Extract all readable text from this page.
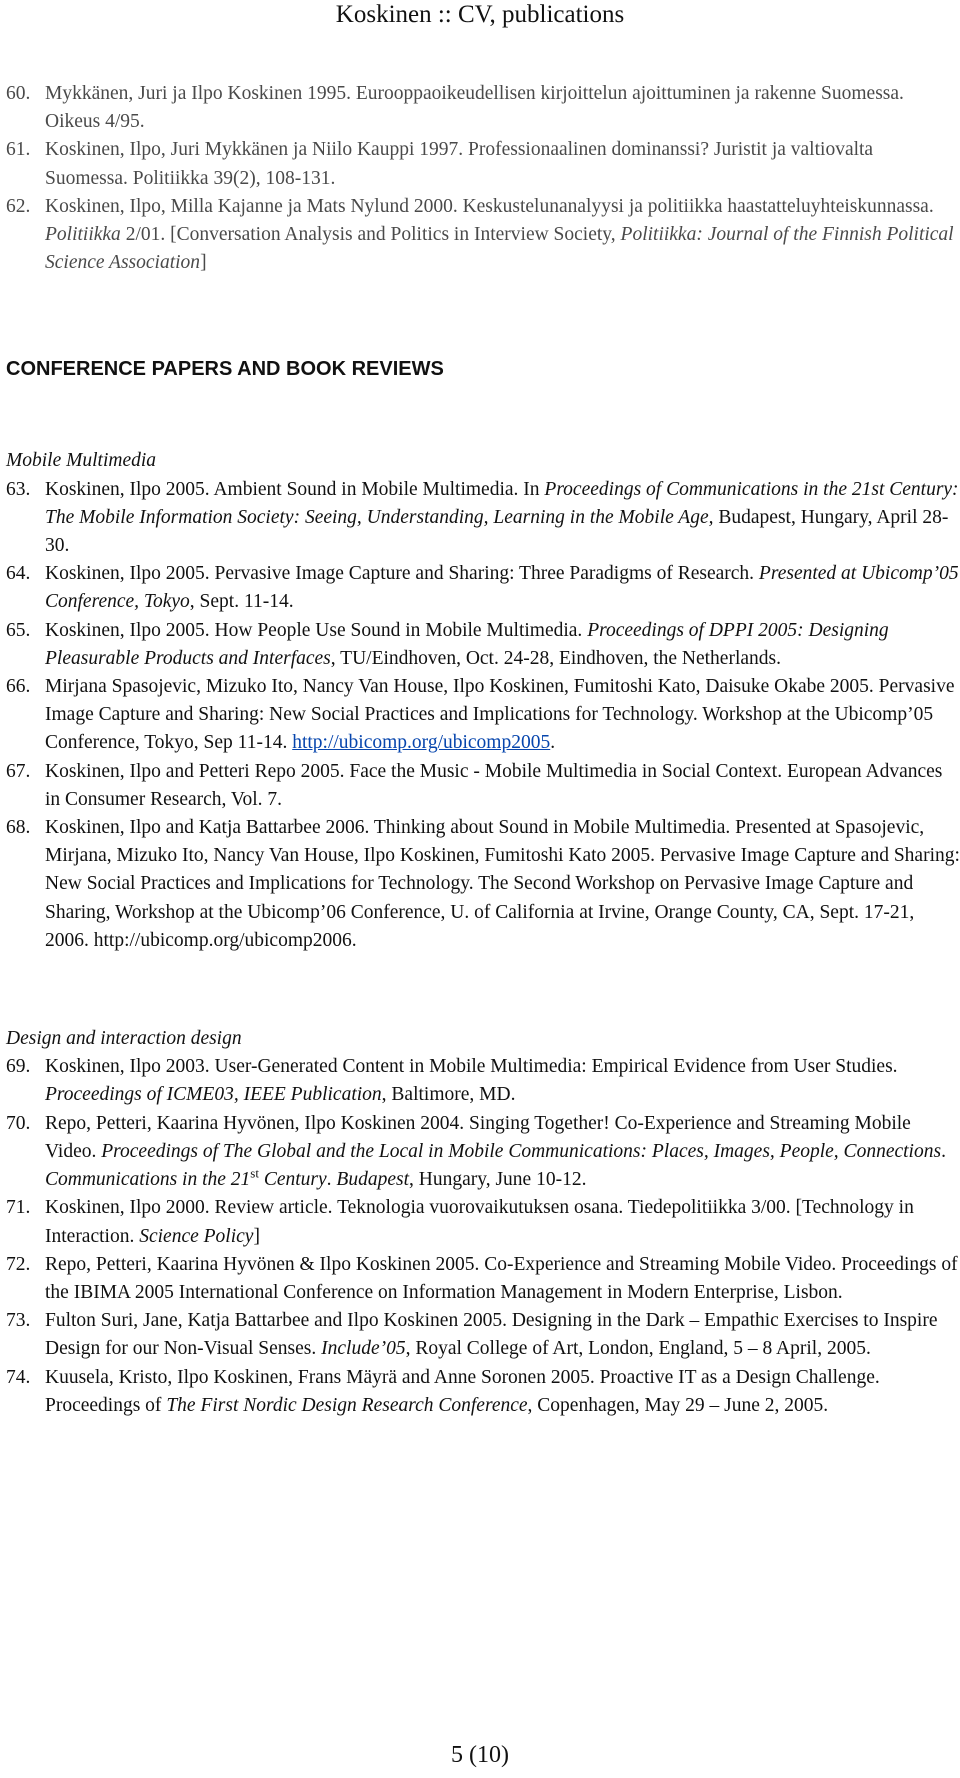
Koskinen :: CV, publications

60. Mykkänen, Juri ja Ilpo Koskinen 1995. Eurooppaoikeudellisen kirjoittelun ajoittuminen ja rakenne Suomessa. Oikeus 4/95.

61. Koskinen, Ilpo, Juri Mykkänen ja Niilo Kauppi 1997. Professionaalinen dominanssi? Juristit ja valtiovalta Suomessa. Politiikka 39(2), 108-131.

62. Koskinen, Ilpo, Milla Kajanne ja Mats Nylund 2000. Keskustelunanalyysi ja politiikka haastatteluyhteiskunnassa. Politiikka 2/01. [Conversation Analysis and Politics in Interview Society, Politiikka: Journal of the Finnish Political Science Association]

CONFERENCE PAPERS AND BOOK REVIEWS

Mobile Multimedia

63. Koskinen, Ilpo 2005. Ambient Sound in Mobile Multimedia. In Proceedings of Communications in the 21st Century: The Mobile Information Society: Seeing, Understanding, Learning in the Mobile Age, Budapest, Hungary, April 28-30.

64. Koskinen, Ilpo 2005. Pervasive Image Capture and Sharing: Three Paradigms of Research. Presented at Ubicomp’05 Conference, Tokyo, Sept. 11-14.

65. Koskinen, Ilpo 2005. How People Use Sound in Mobile Multimedia. Proceedings of DPPI 2005: Designing Pleasurable Products and Interfaces, TU/Eindhoven, Oct. 24-28, Eindhoven, the Netherlands.

66. Mirjana Spasojevic, Mizuko Ito, Nancy Van House, Ilpo Koskinen, Fumitoshi Kato, Daisuke Okabe 2005. Pervasive Image Capture and Sharing: New Social Practices and Implications for Technology. Workshop at the Ubicomp’05 Conference, Tokyo, Sep 11-14. http://ubicomp.org/ubicomp2005.

67. Koskinen, Ilpo and Petteri Repo 2005. Face the Music - Mobile Multimedia in Social Context. European Advances in Consumer Research, Vol. 7.

68. Koskinen, Ilpo and Katja Battarbee 2006. Thinking about Sound in Mobile Multimedia. Presented at Spasojevic, Mirjana, Mizuko Ito, Nancy Van House, Ilpo Koskinen, Fumitoshi Kato 2005. Pervasive Image Capture and Sharing: New Social Practices and Implications for Technology. The Second Workshop on Pervasive Image Capture and Sharing, Workshop at the Ubicomp’06 Conference, U. of California at Irvine, Orange County, CA, Sept. 17-21, 2006. http://ubicomp.org/ubicomp2006.

Design and interaction design

69. Koskinen, Ilpo 2003. User-Generated Content in Mobile Multimedia: Empirical Evidence from User Studies. Proceedings of ICME03, IEEE Publication, Baltimore, MD.

70. Repo, Petteri, Kaarina Hyvönen, Ilpo Koskinen 2004. Singing Together! Co-Experience and Streaming Mobile Video. Proceedings of The Global and the Local in Mobile Communications: Places, Images, People, Connections. Communications in the 21st Century. Budapest, Hungary, June 10-12.

71. Koskinen, Ilpo 2000. Review article. Teknologia vuorovaikutuksen osana. Tiedepolitiikka 3/00. [Technology in Interaction. Science Policy]

72. Repo, Petteri, Kaarina Hyvönen & Ilpo Koskinen 2005. Co-Experience and Streaming Mobile Video. Proceedings of the IBIMA 2005 International Conference on Information Management in Modern Enterprise, Lisbon.

73. Fulton Suri, Jane, Katja Battarbee and Ilpo Koskinen 2005. Designing in the Dark – Empathic Exercises to Inspire Design for our Non-Visual Senses. Include’05, Royal College of Art, London, England, 5 – 8 April, 2005.

74. Kuusela, Kristo, Ilpo Koskinen, Frans Mäyrä and Anne Soronen 2005. Proactive IT as a Design Challenge. Proceedings of The First Nordic Design Research Conference, Copenhagen, May 29 – June 2, 2005.

5 (10)
